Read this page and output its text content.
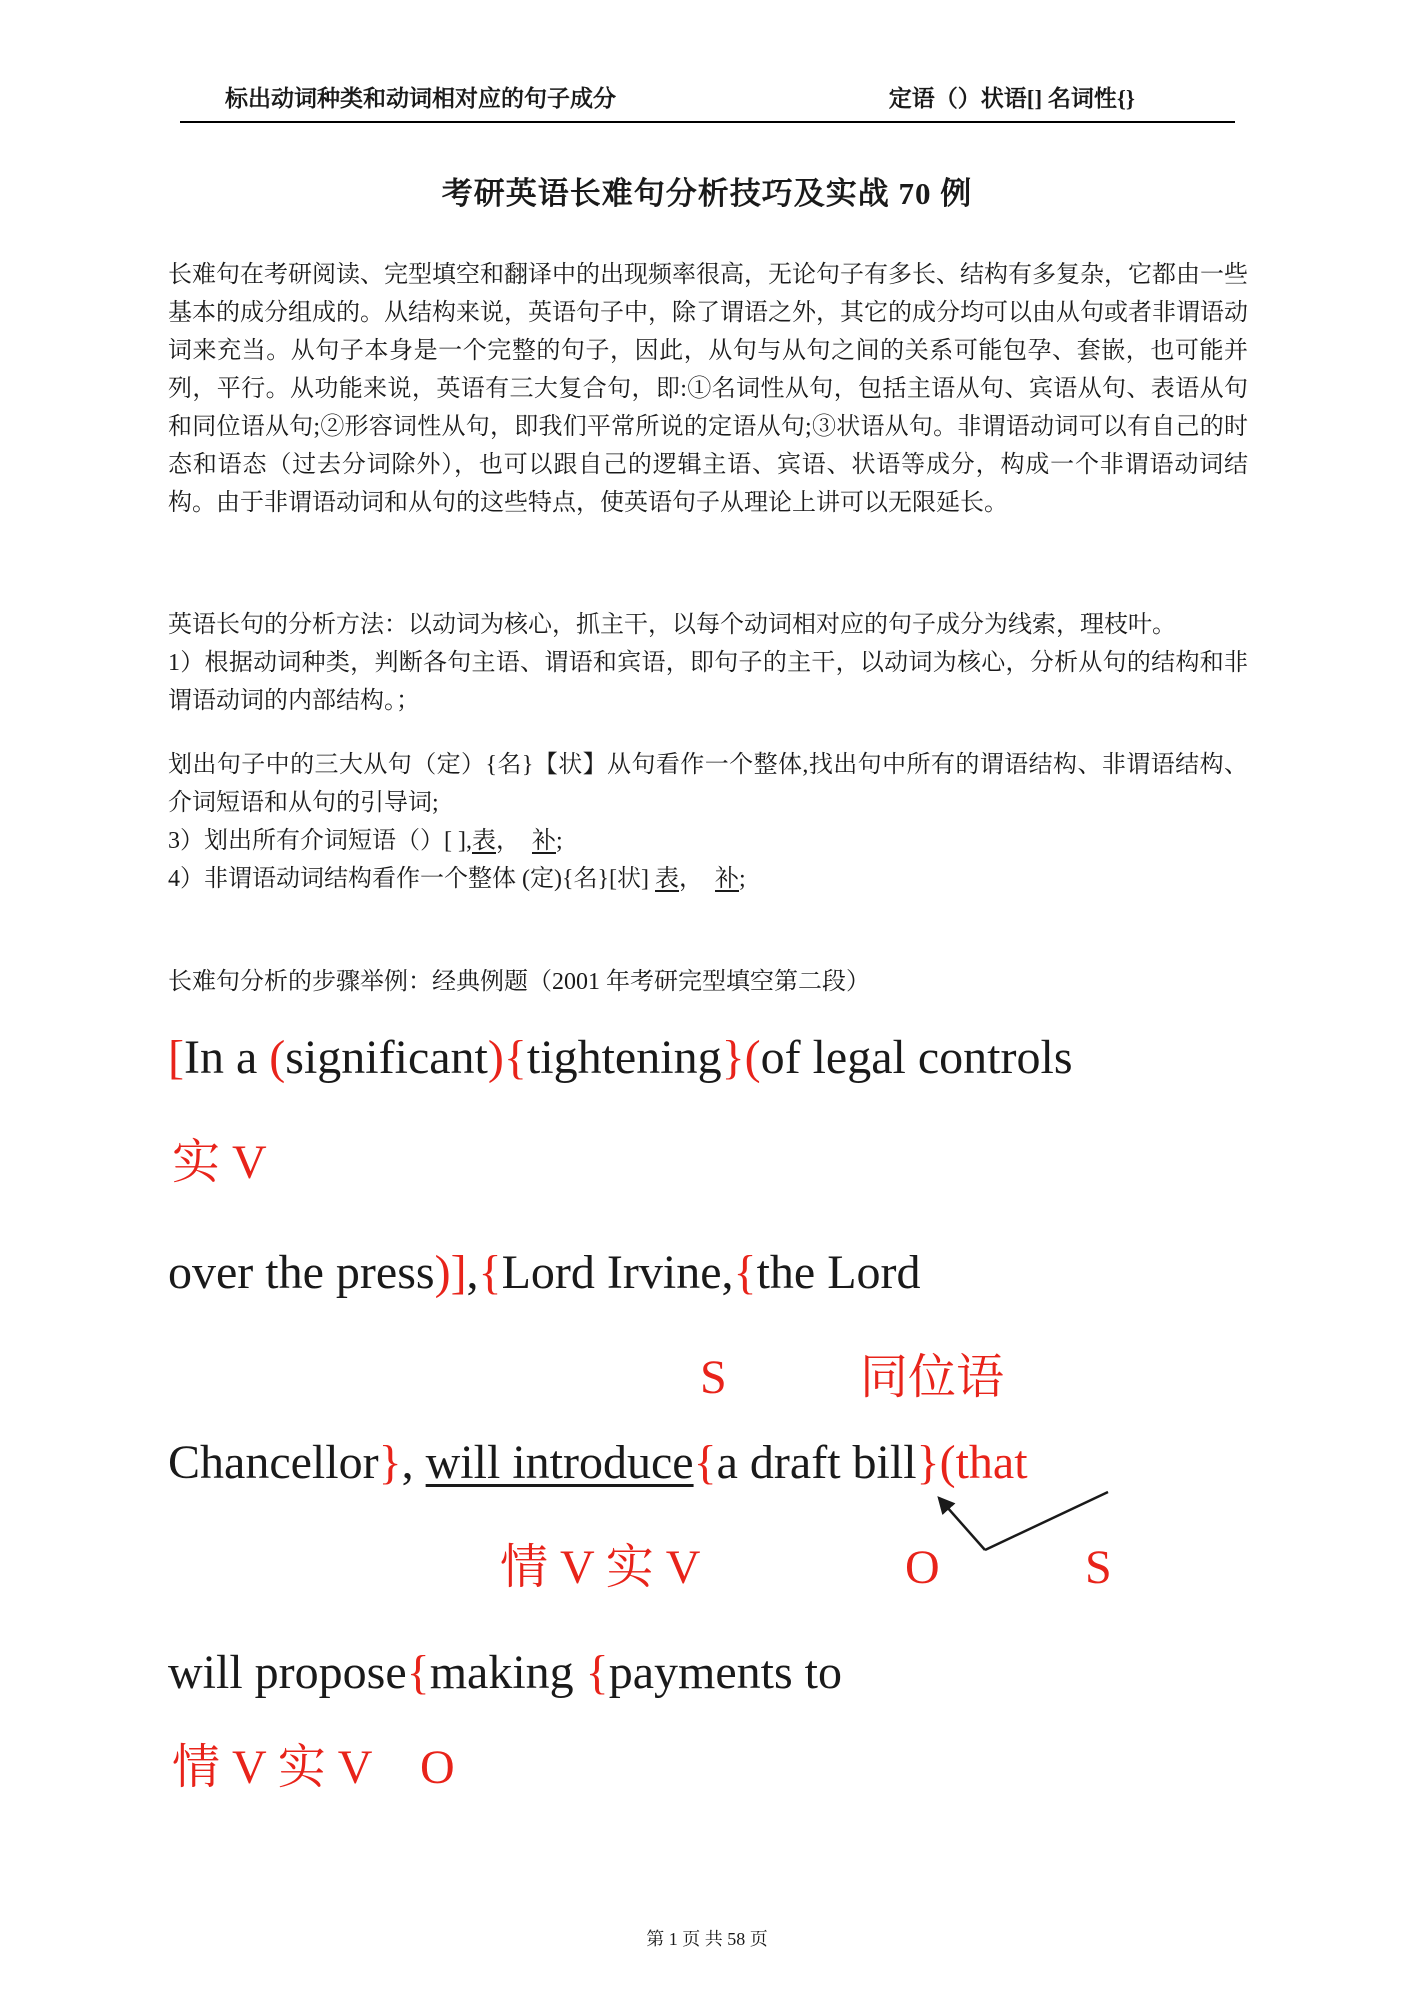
标出动词种类和动词相对应的句子成分	定语（）状语[] 名词性{}
考研英语长难句分析技巧及实战 70 例
长难句在考研阅读、完型填空和翻译中的出现频率很高，无论句子有多长、结构有多复杂，它都由一些基本的成分组成的。从结构来说，英语句子中，除了谓语之外，其它的成分均可以由从句或者非谓语动词来充当。从句子本身是一个完整的句子，因此，从句与从句之间的关系可能包孕、套嵌，也可能并列，平行。从功能来说，英语有三大复合句，即:①名词性从句，包括主语从句、宾语从句、表语从句和同位语从句;②形容词性从句，即我们平常所说的定语从句;③状语从句。非谓语动词可以有自己的时态和语态（过去分词除外），也可以跟自己的逻辑主语、宾语、状语等成分，构成一个非谓语动词结构。由于非谓语动词和从句的这些特点，使英语句子从理论上讲可以无限延长。

英语长句的分析方法：以动词为核心，抓主干，以每个动词相对应的句子成分为线索，理枝叶。

1）根据动词种类，判断各句主语、谓语和宾语，即句子的主干，以动词为核心，分析从句的结构和非谓语动词的内部结构。；

划出句子中的三大从句（定）{名}【状】从句看作一个整体,找出句中所有的谓语结构、非谓语结构、介词短语和从句的引导词;

3）划出所有介词短语（）[ ],表，　补;

4）非谓语动词结构看作一个整体 (定){名}[状] 表，　补;

长难句分析的步骤举例：经典例题（2001 年考研完型填空第二段）
[In a (significant){tightening}(of legal controls
实 V
over the press)],{Lord Irvine,{the Lord
S	同位语
Chancellor}, will introduce{a draft bill}(that
情 V 实 V	O	S
will propose{making {payments to
情 V 实 V O
第 1 页 共 58 页
